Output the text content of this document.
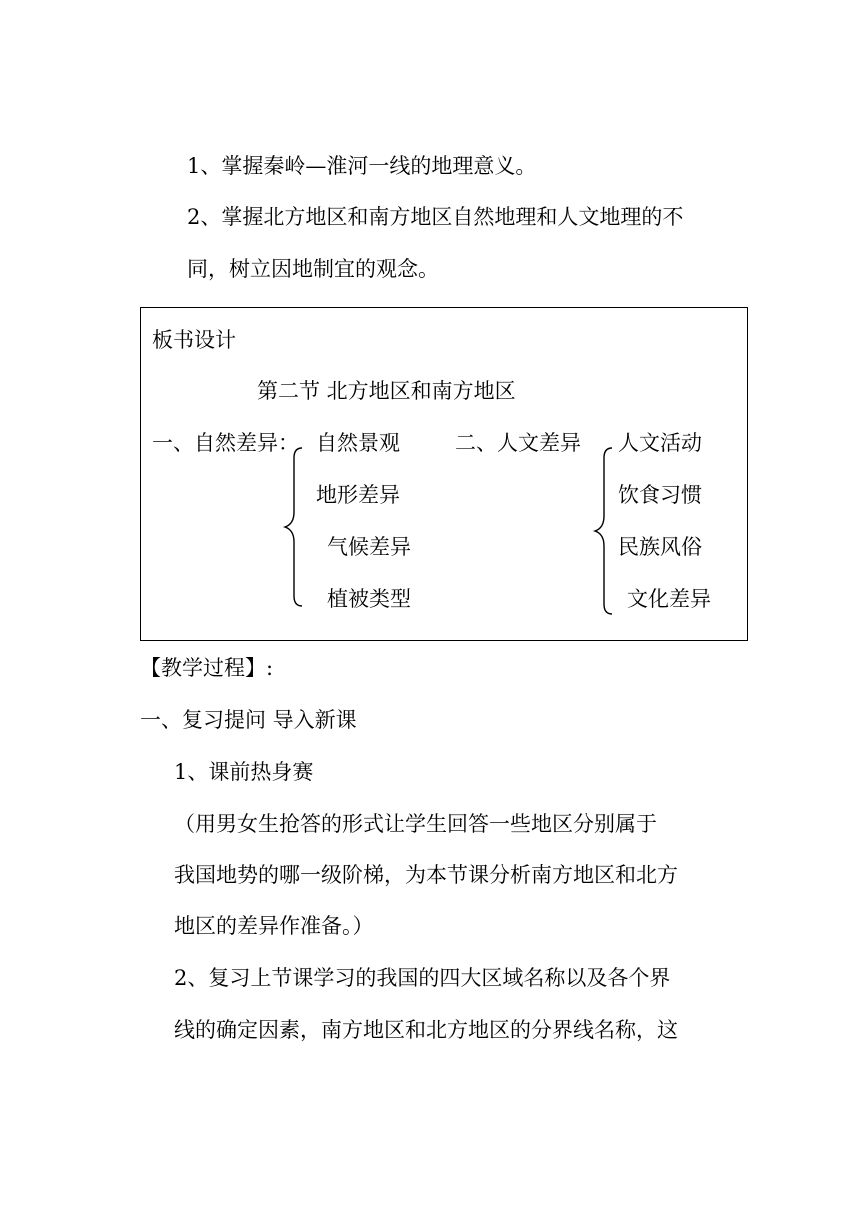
1、掌握秦岭—淮河一线的地理意义。
2、掌握北方地区和南方地区自然地理和人文地理的不
同，树立因地制宜的观念。
板书设计
第二节 北方地区和南方地区
一、自然差异： 自然景观
地形差异
气候差异
植被类型
二、人文差异 人文活动
饮食习惯
民族风俗
文化差异
【教学过程】:
一、复习提问 导入新课
1、课前热身赛
（用男女生抢答的形式让学生回答一些地区分别属于
我国地势的哪一级阶梯，为本节课分析南方地区和北方
地区的差异作准备。）
2、复习上节课学习的我国的四大区域名称以及各个界
线的确定因素，南方地区和北方地区的分界线名称，这
